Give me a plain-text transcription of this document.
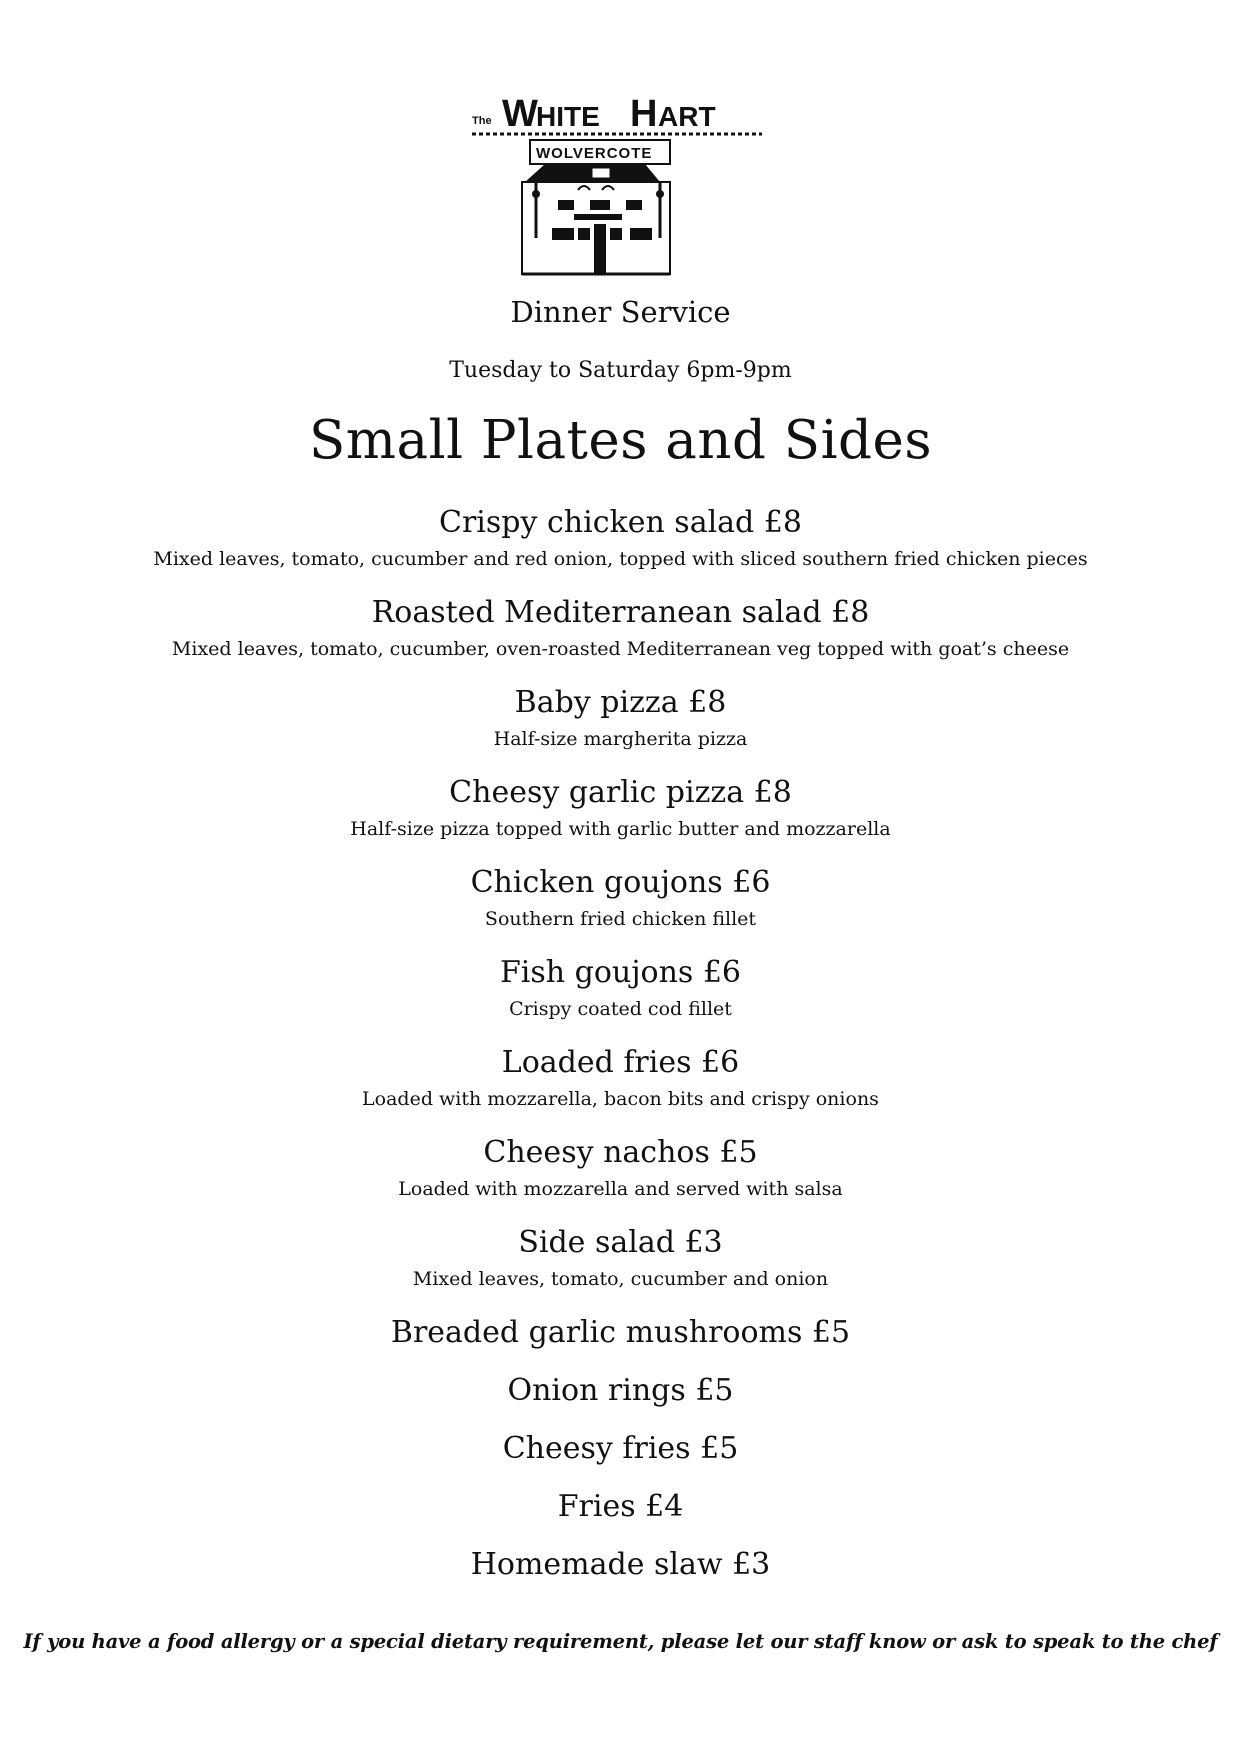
The W
HITE H ART
WOLVERCOTE
Dinner Service
Tuesday to Saturday 6pm-9pm
Small Plates and Sides
Crispy chicken salad £8
Mixed leaves, tomato, cucumber and red onion, topped with sliced southern fried chicken pieces
Roasted Mediterranean salad £8
Mixed leaves, tomato, cucumber, oven-roasted Mediterranean veg topped with goat’s cheese
Baby pizza £8
Half-size margherita pizza
Cheesy garlic pizza £8
Half-size pizza topped with garlic butter and mozzarella
Chicken goujons £6
Southern fried chicken fillet
Fish goujons £6
Crispy coated cod fillet
Loaded fries £6
Loaded with mozzarella, bacon bits and crispy onions
Cheesy nachos £5
Loaded with mozzarella and served with salsa
Side salad £3
Mixed leaves, tomato, cucumber and onion
Breaded garlic mushrooms £5
Onion rings £5
Cheesy fries £5
Fries £4
Homemade slaw £3
If you have a food allergy or a special dietary requirement, please let our staff know or ask to speak to the chef
